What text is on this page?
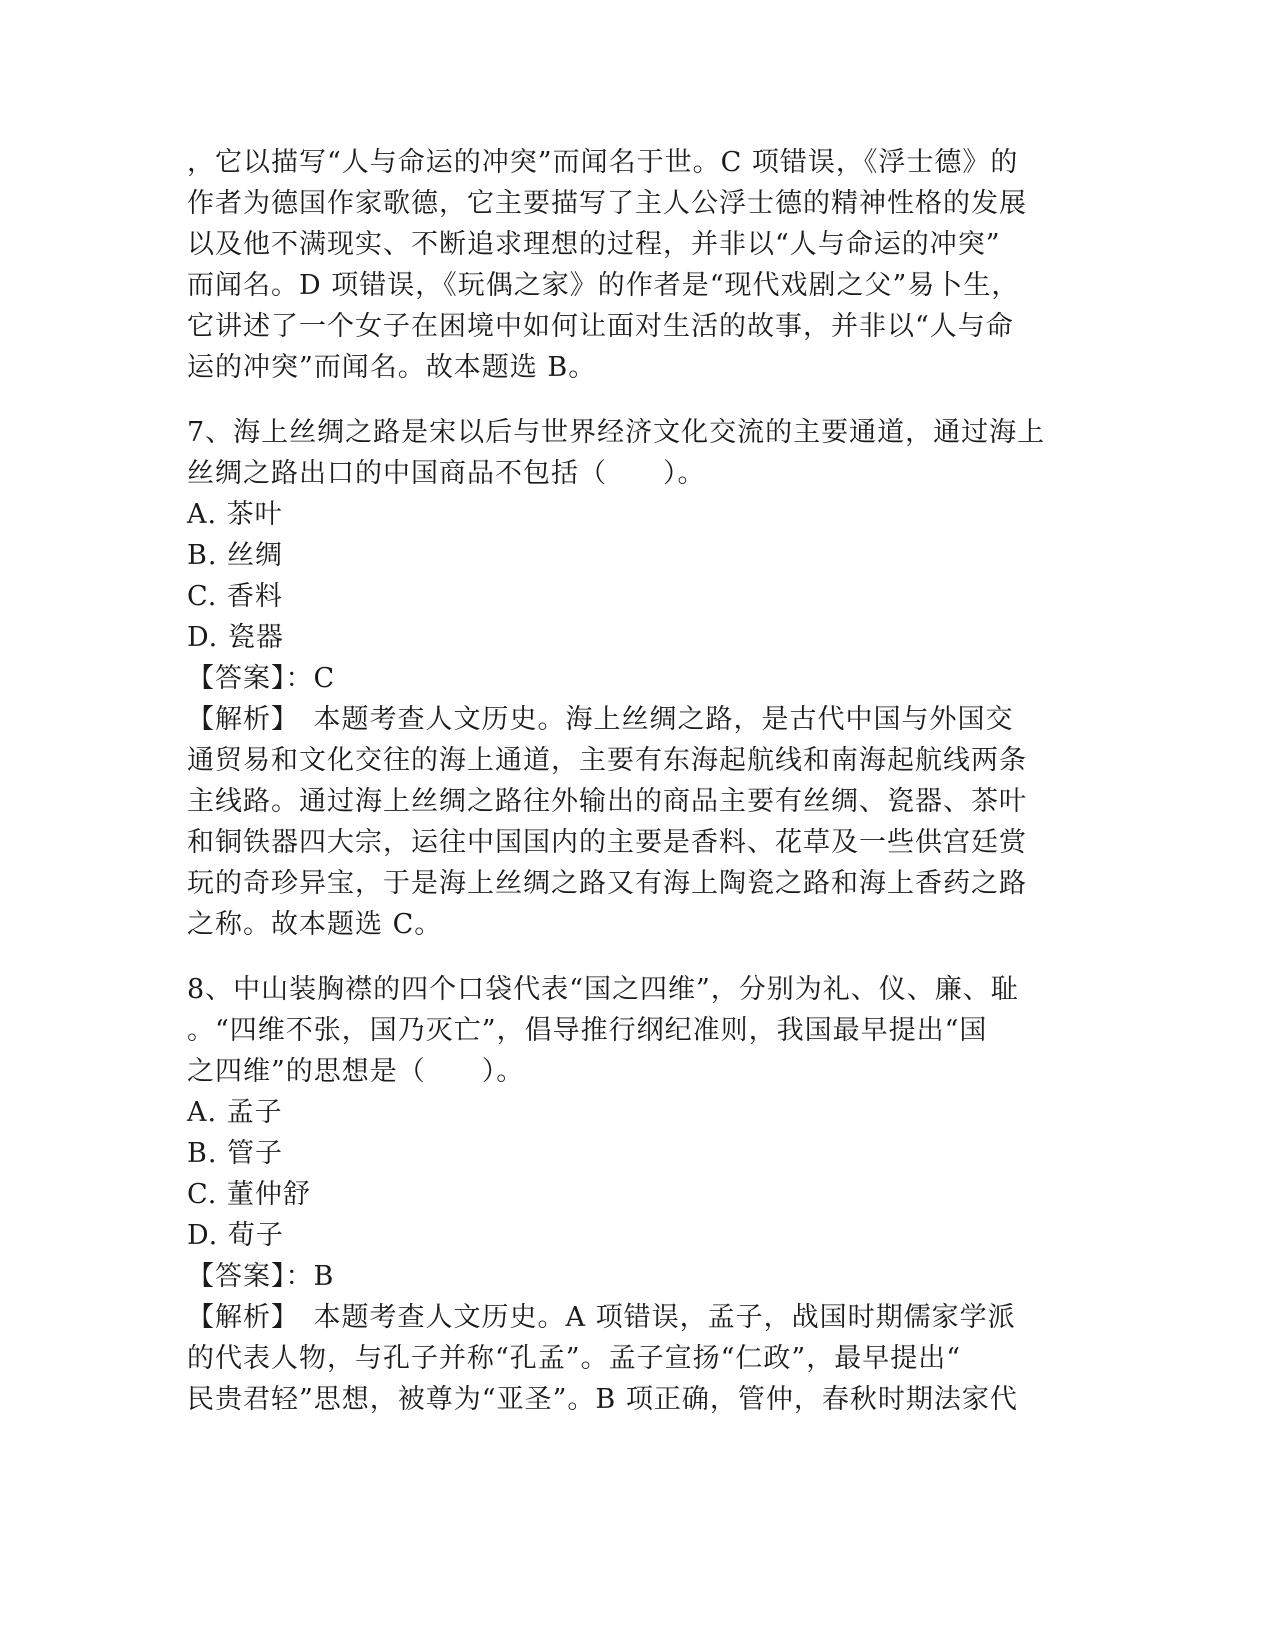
，它以描写“人与命运的冲突”而闻名于世。C 项错误，《浮士德》的
作者为德国作家歌德，它主要描写了主人公浮士德的精神性格的发展
以及他不满现实、不断追求理想的过程，并非以“人与命运的冲突”
而闻名。D 项错误，《玩偶之家》的作者是“现代戏剧之父”易卜生，
它讲述了一个女子在困境中如何让面对生活的故事，并非以“人与命
运的冲突”而闻名。故本题选 B。
7、海上丝绸之路是宋以后与世界经济文化交流的主要通道，通过海上
丝绸之路出口的中国商品不包括（　　）。
A. 茶叶
B. 丝绸
C. 香料
D. 瓷器
【答案】：C
【解析】　本题考查人文历史。海上丝绸之路，是古代中国与外国交
通贸易和文化交往的海上通道，主要有东海起航线和南海起航线两条
主线路。通过海上丝绸之路往外输出的商品主要有丝绸、瓷器、茶叶
和铜铁器四大宗，运往中国国内的主要是香料、花草及一些供宫廷赏
玩的奇珍异宝，于是海上丝绸之路又有海上陶瓷之路和海上香药之路
之称。故本题选 C。
8、中山装胸襟的四个口袋代表“国之四维”，分别为礼、仪、廉、耻
。“四维不张，国乃灭亡”，倡导推行纲纪准则，我国最早提出“国
之四维”的思想是（　　）。
A. 孟子
B. 管子
C. 董仲舒
D. 荀子
【答案】：B
【解析】　本题考查人文历史。A 项错误，孟子，战国时期儒家学派
的代表人物，与孔子并称“孔孟”。孟子宣扬“仁政”，最早提出“
民贵君轻”思想，被尊为“亚圣”。B 项正确，管仲，春秋时期法家代
